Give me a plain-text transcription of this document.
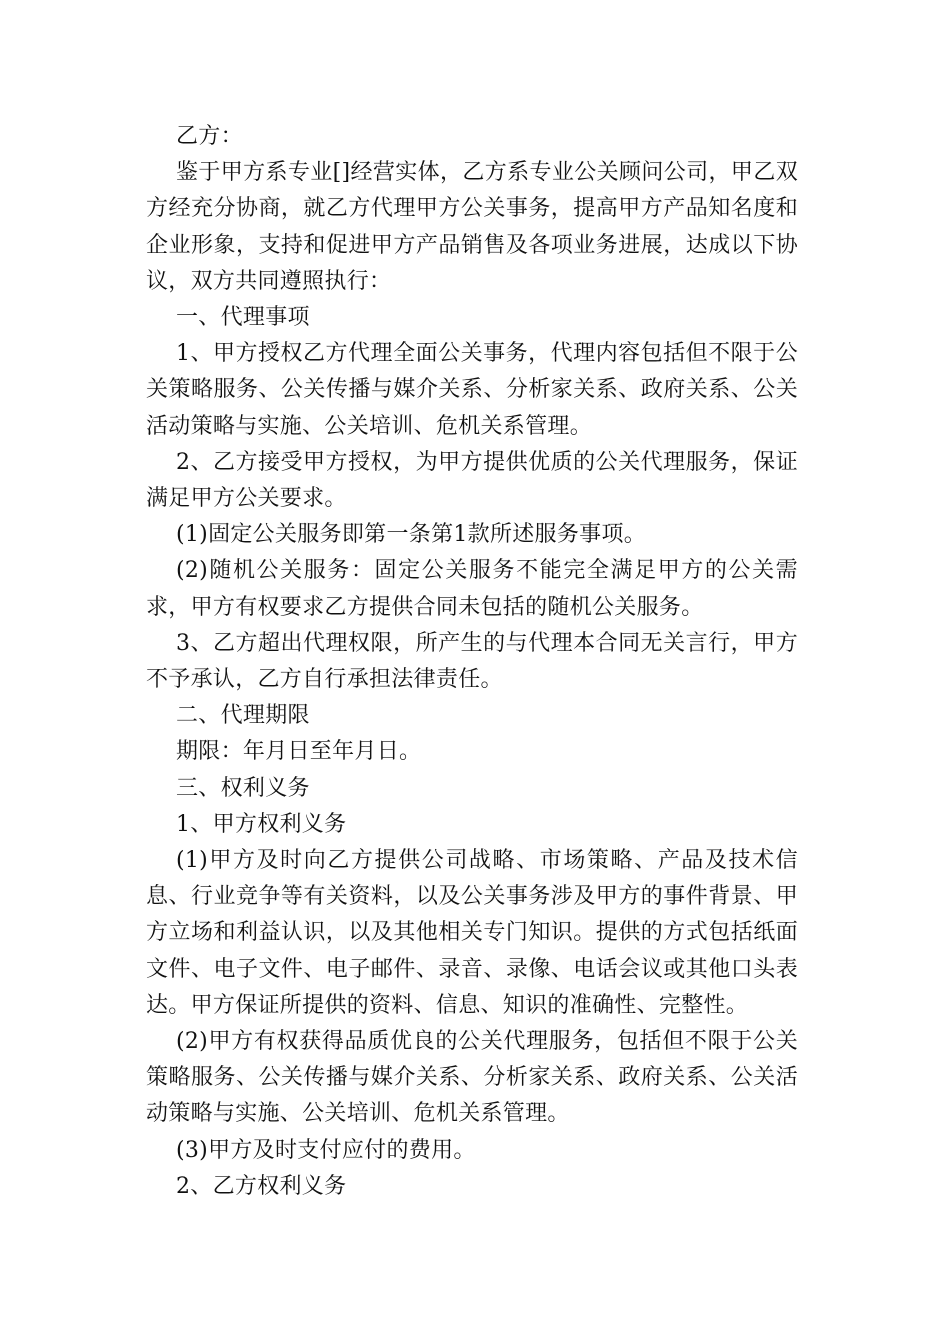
乙方：

鉴于甲方系专业[]经营实体，乙方系专业公关顾问公司，甲乙双方经充分协商，就乙方代理甲方公关事务，提高甲方产品知名度和企业形象，支持和促进甲方产品销售及各项业务进展，达成以下协议，双方共同遵照执行：

一、代理事项

1、甲方授权乙方代理全面公关事务，代理内容包括但不限于公关策略服务、公关传播与媒介关系、分析家关系、政府关系、公关活动策略与实施、公关培训、危机关系管理。

2、乙方接受甲方授权，为甲方提供优质的公关代理服务，保证满足甲方公关要求。

(1)固定公关服务即第一条第1款所述服务事项。

(2)随机公关服务：固定公关服务不能完全满足甲方的公关需求，甲方有权要求乙方提供合同未包括的随机公关服务。

3、乙方超出代理权限，所产生的与代理本合同无关言行，甲方不予承认，乙方自行承担法律责任。

二、代理期限

期限：年月日至年月日。

三、权利义务

1、甲方权利义务

(1)甲方及时向乙方提供公司战略、市场策略、产品及技术信息、行业竞争等有关资料，以及公关事务涉及甲方的事件背景、甲方立场和利益认识，以及其他相关专门知识。提供的方式包括纸面文件、电子文件、电子邮件、录音、录像、电话会议或其他口头表达。甲方保证所提供的资料、信息、知识的准确性、完整性。

(2)甲方有权获得品质优良的公关代理服务，包括但不限于公关策略服务、公关传播与媒介关系、分析家关系、政府关系、公关活动策略与实施、公关培训、危机关系管理。

(3)甲方及时支付应付的费用。

2、乙方权利义务
